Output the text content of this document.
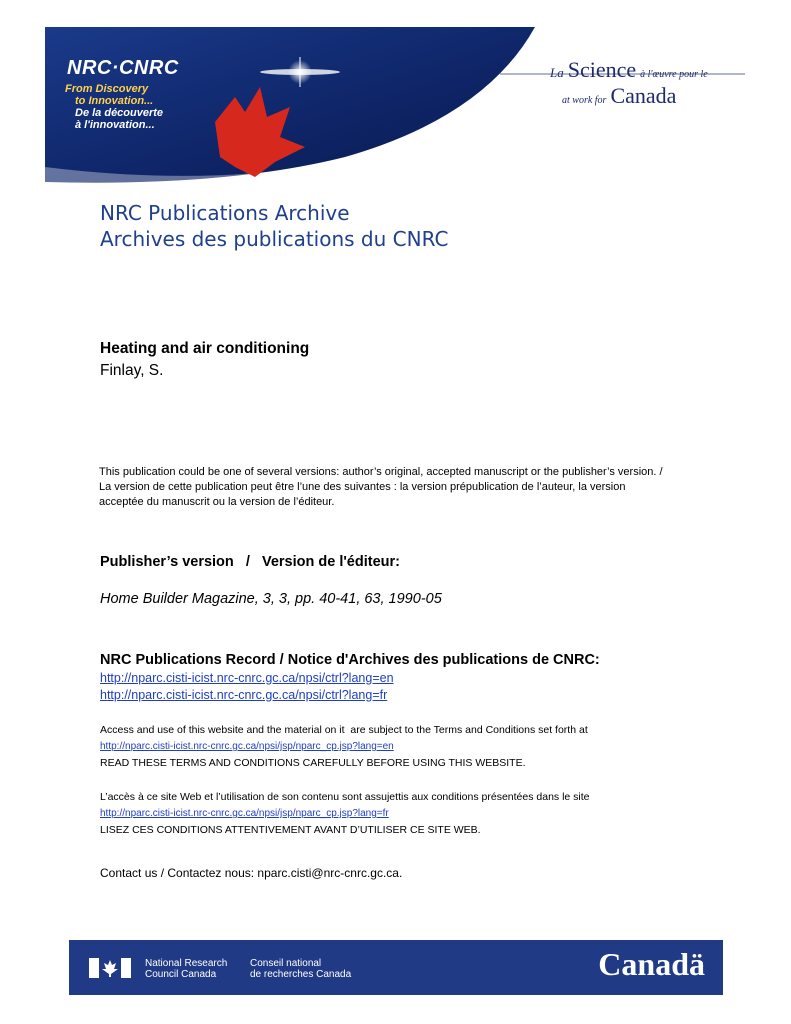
NRC·CNRC
From Discovery
to Innovation...
De la découverte
à l'innovation...
La Science à l'œuvre pour le
at work for Canada
NRC Publications Archive
Archives des publications du CNRC
Heating and air conditioning
Finlay, S.
This publication could be one of several versions: author’s original, accepted manuscript or the publisher’s version. /
La version de cette publication peut être l’une des suivantes : la version prépublication de l’auteur, la version
acceptée du manuscrit ou la version de l’éditeur.
Publisher’s version   /   Version de l'éditeur:
Home Builder Magazine, 3, 3, pp. 40-41, 63, 1990-05
NRC Publications Record / Notice d'Archives des publications de CNRC:
http://nparc.cisti-icist.nrc-cnrc.gc.ca/npsi/ctrl?lang=en
http://nparc.cisti-icist.nrc-cnrc.gc.ca/npsi/ctrl?lang=fr
Access and use of this website and the material on it  are subject to the Terms and Conditions set forth at
http://nparc.cisti-icist.nrc-cnrc.gc.ca/npsi/jsp/nparc_cp.jsp?lang=en
READ THESE TERMS AND CONDITIONS CAREFULLY BEFORE USING THIS WEBSITE.
L’accès à ce site Web et l’utilisation de son contenu sont assujettis aux conditions présentées dans le site
http://nparc.cisti-icist.nrc-cnrc.gc.ca/npsi/jsp/nparc_cp.jsp?lang=fr
LISEZ CES CONDITIONS ATTENTIVEMENT AVANT D’UTILISER CE SITE WEB.
Contact us / Contactez nous: nparc.cisti@nrc-cnrc.gc.ca.
National Research
Council Canada
Conseil national
de recherches Canada	Canadä
